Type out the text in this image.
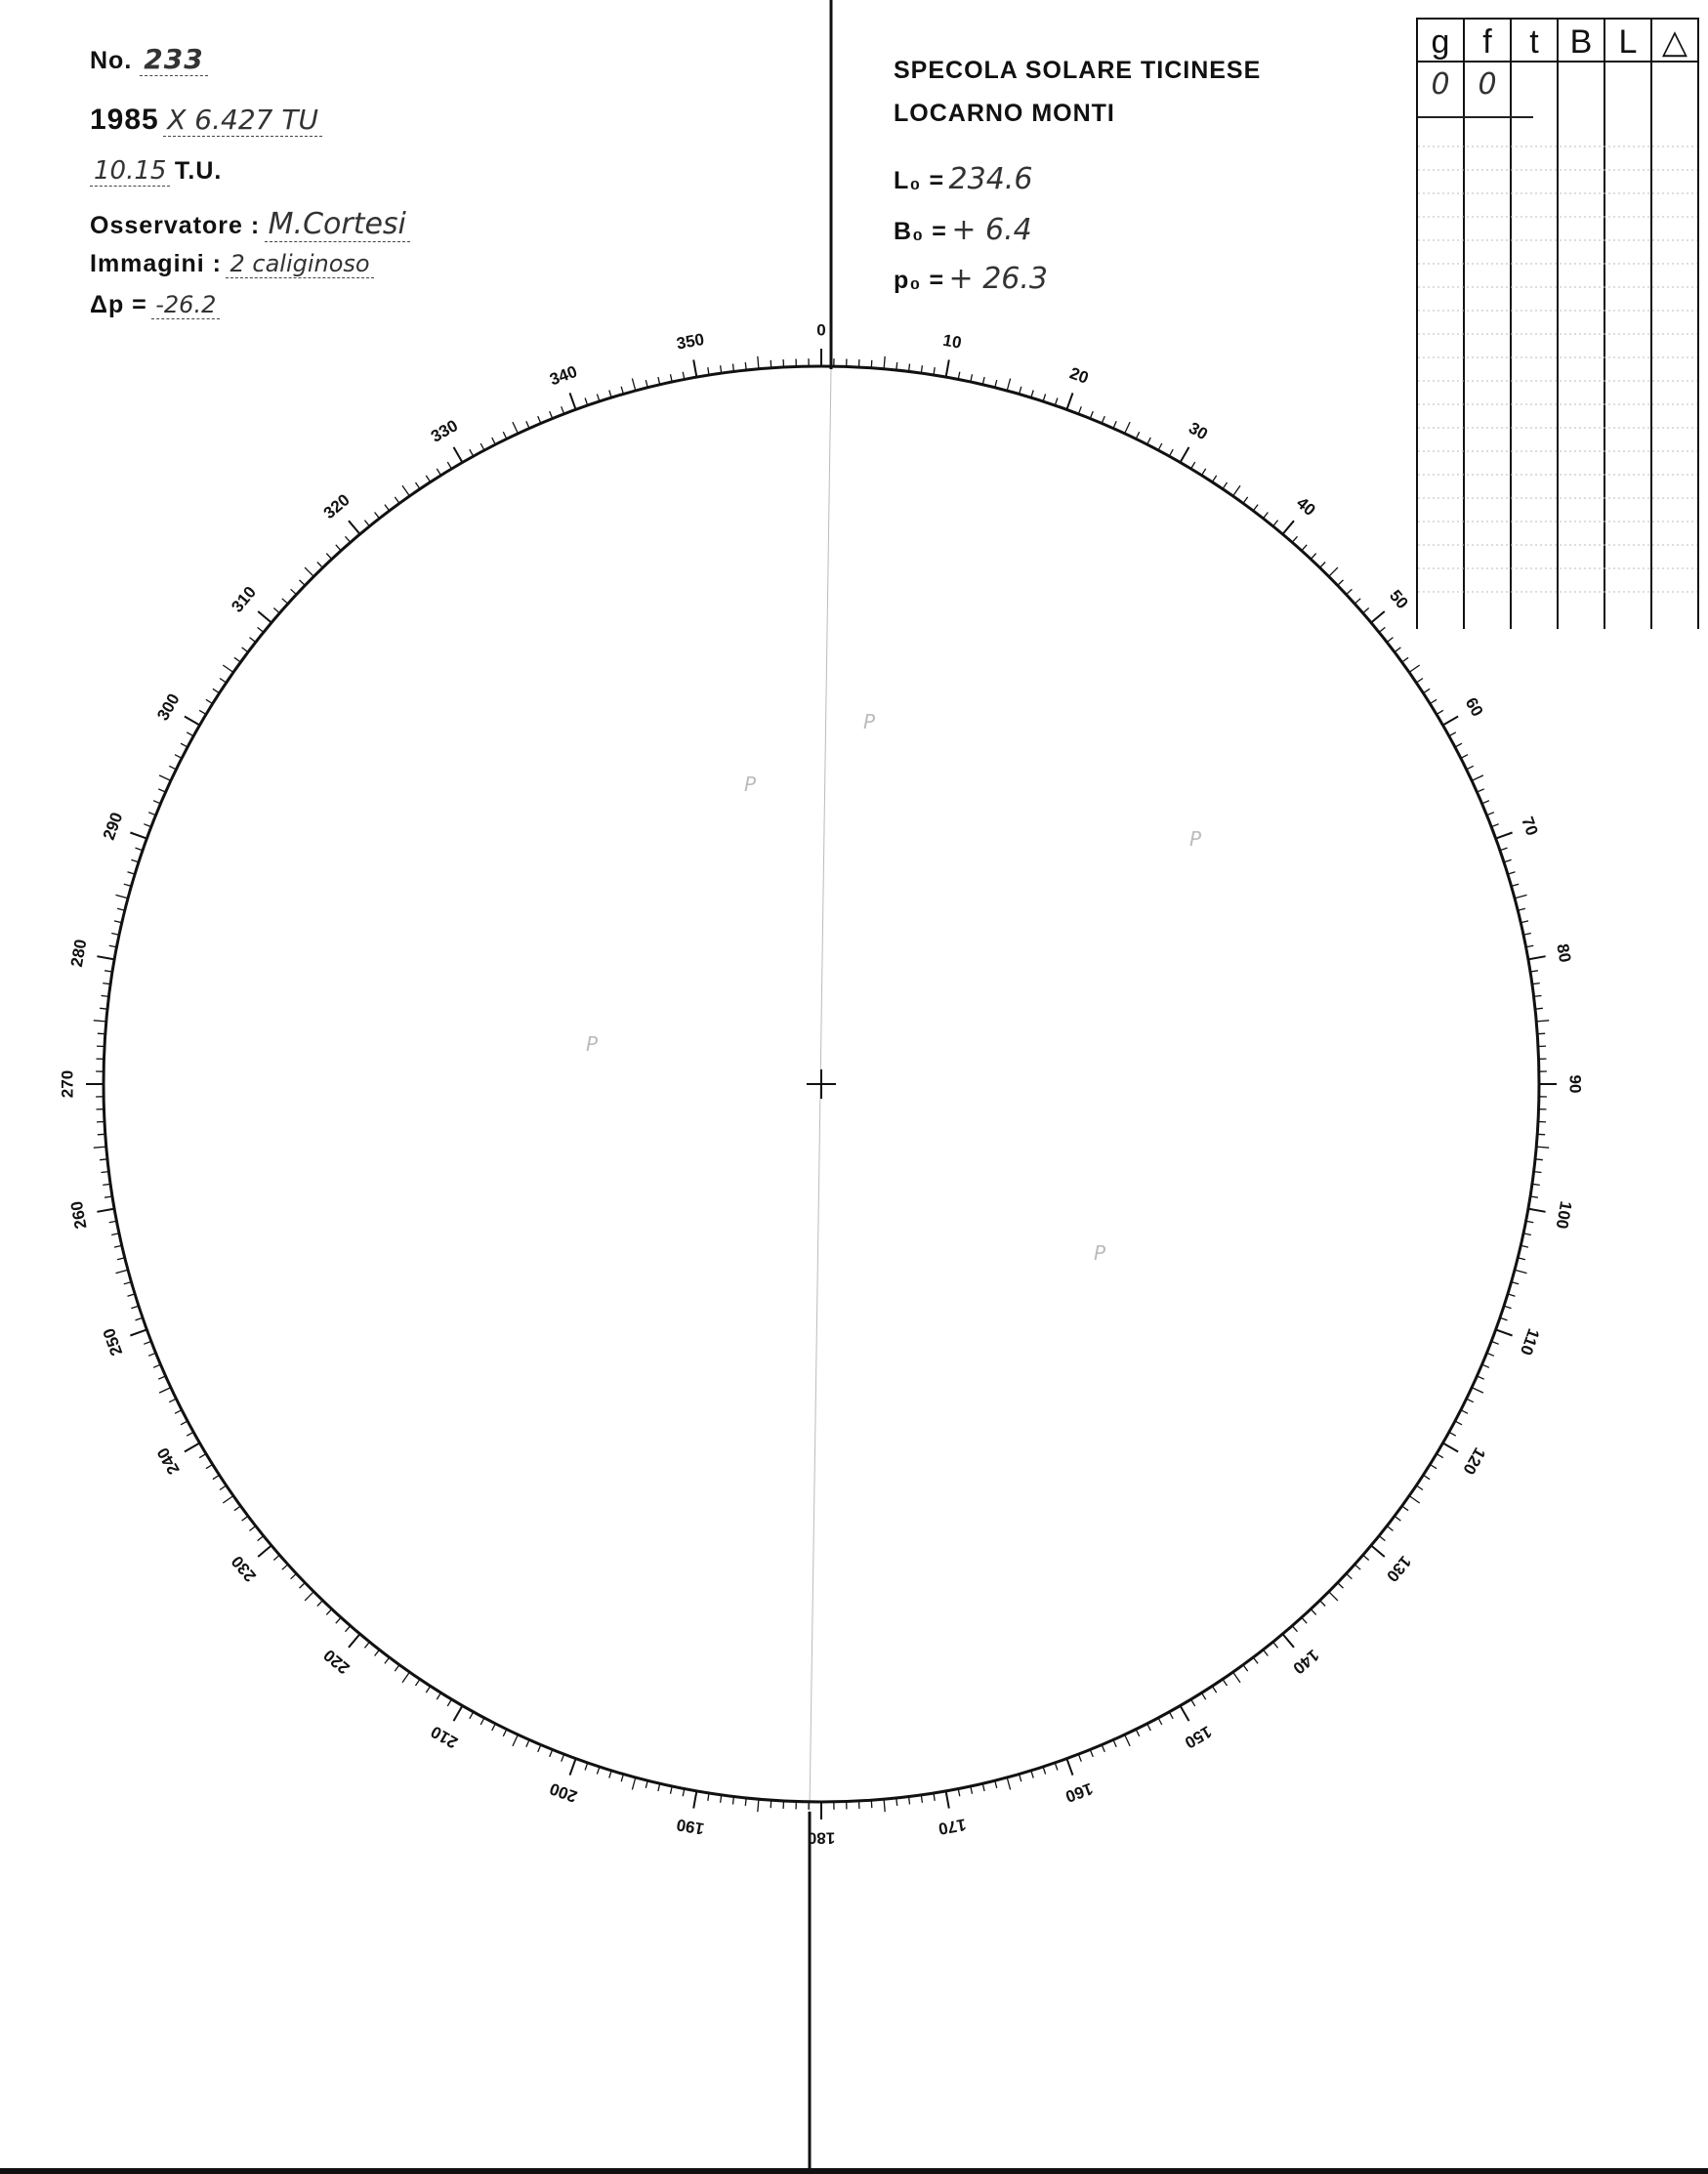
No. 233
1985 X 6.427 TU
10.15 T.U.
Osservatore : M.Cortesi
Immagini : 2 caliginoso
Δp = -26.2
SPECOLA SOLARE TICINESE
LOCARNO MONTI
L₀ = 234.6
B₀ = + 6.4
p₀ = + 26.3
g f	t B L △
0 0
0
10
20
30
40
50
60
70
80
90
100
110
120
130
140
150
160
170
180
190
200
210
220
230
240
250
260
270
280
290
300
310
320
330
340
350
P
P
P
P
P
